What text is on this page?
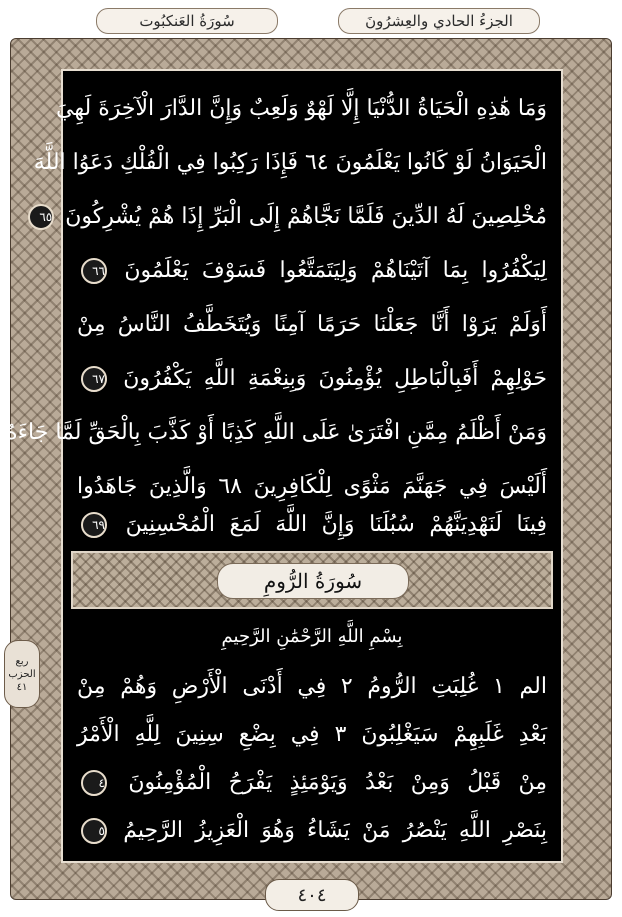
سُورَةُ العَنكبُوت	الجزءُ الحادي والعِشرُونَ
وَمَا هَٰذِهِ الْحَيَاةُ الدُّنْيَا إِلَّا لَهْوٌ وَلَعِبٌ وَإِنَّ الدَّارَ الْآخِرَةَ لَهِيَ
الْحَيَوَانُ لَوْ كَانُوا يَعْلَمُونَ ٦٤ فَإِذَا رَكِبُوا فِي الْفُلْكِ دَعَوُا اللَّهَ
مُخْلِصِينَ لَهُ الدِّينَ فَلَمَّا نَجَّاهُمْ إِلَى الْبَرِّ إِذَا هُمْ يُشْرِكُونَ ٦٥
لِيَكْفُرُوا بِمَا آتَيْنَاهُمْ وَلِيَتَمَتَّعُوا فَسَوْفَ يَعْلَمُونَ ٦٦
أَوَلَمْ يَرَوْا أَنَّا جَعَلْنَا حَرَمًا آمِنًا وَيُتَخَطَّفُ النَّاسُ مِنْ
حَوْلِهِمْ أَفَبِالْبَاطِلِ يُؤْمِنُونَ وَبِنِعْمَةِ اللَّهِ يَكْفُرُونَ ٦٧
وَمَنْ أَظْلَمُ مِمَّنِ افْتَرَىٰ عَلَى اللَّهِ كَذِبًا أَوْ كَذَّبَ بِالْحَقِّ لَمَّا جَاءَهُ
أَلَيْسَ فِي جَهَنَّمَ مَثْوًى لِلْكَافِرِينَ ٦٨ وَالَّذِينَ جَاهَدُوا
فِينَا لَنَهْدِيَنَّهُمْ سُبُلَنَا وَإِنَّ اللَّهَ لَمَعَ الْمُحْسِنِينَ ٦٩
سُورَةُ الرُّومِ
بِسْمِ اللَّهِ الرَّحْمَٰنِ الرَّحِيمِ
الم ١ غُلِبَتِ الرُّومُ ٢ فِي أَدْنَى الْأَرْضِ وَهُمْ مِنْ
بَعْدِ غَلَبِهِمْ سَيَغْلِبُونَ ٣ فِي بِضْعِ سِنِينَ لِلَّهِ الْأَمْرُ
مِنْ قَبْلُ وَمِنْ بَعْدُ وَيَوْمَئِذٍ يَفْرَحُ الْمُؤْمِنُونَ ٤
بِنَصْرِ اللَّهِ يَنْصُرُ مَنْ يَشَاءُ وَهُوَ الْعَزِيزُ الرَّحِيمُ ٥
ربع
الحزب
٤١
٤٠٤
